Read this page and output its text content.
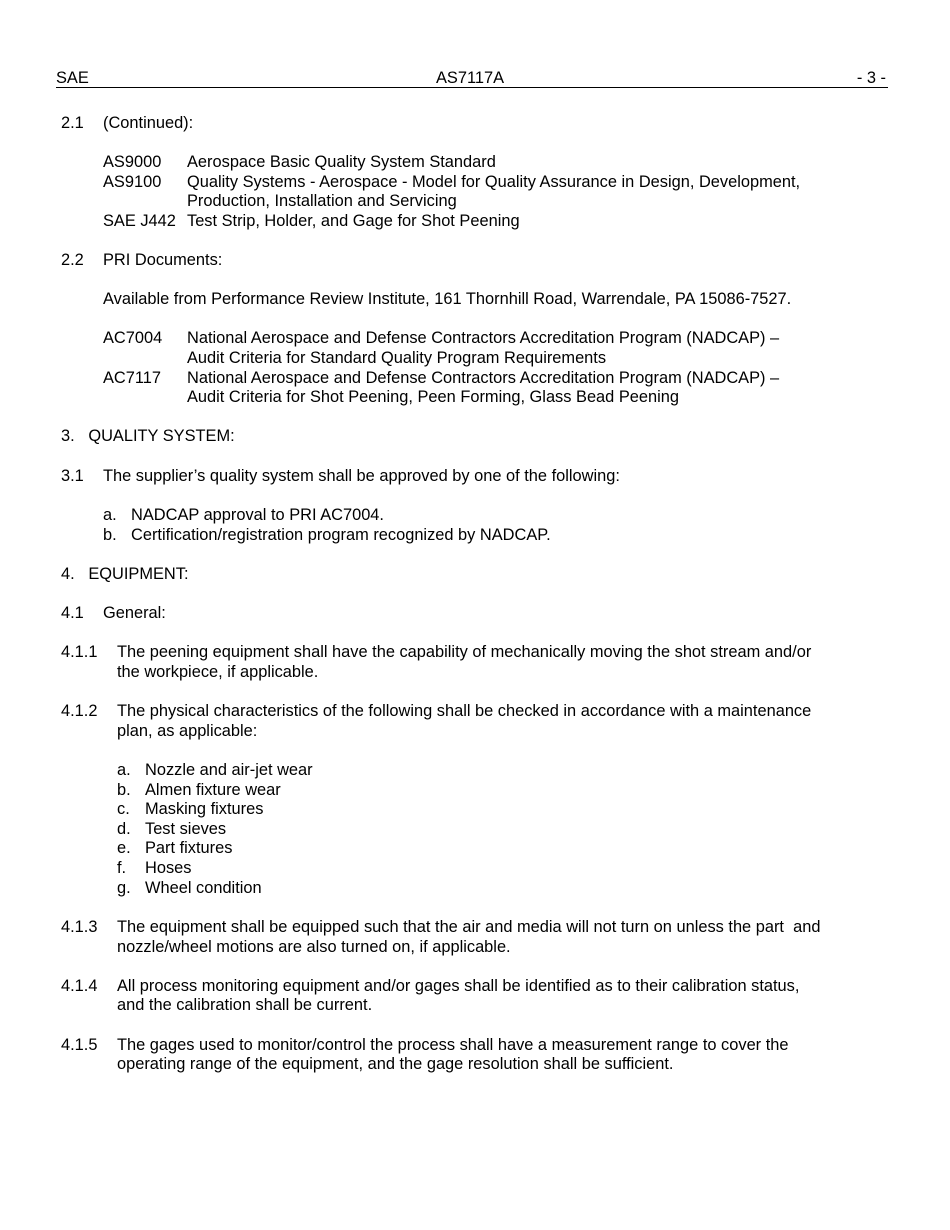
SAE	AS7117A	- 3 -
2.1 (Continued):
AS9000 Aerospace Basic Quality System Standard
AS9100 Quality Systems - Aerospace - Model for Quality Assurance in Design, Development,
Production, Installation and Servicing
SAE J442 Test Strip, Holder, and Gage for Shot Peening
2.2 PRI Documents:
Available from Performance Review Institute, 161 Thornhill Road, Warrendale, PA 15086-7527.
AC7004 National Aerospace and Defense Contractors Accreditation Program (NADCAP) –
Audit Criteria for Standard Quality Program Requirements
AC7117 National Aerospace and Defense Contractors Accreditation Program (NADCAP) –
Audit Criteria for Shot Peening, Peen Forming, Glass Bead Peening
3.   QUALITY SYSTEM:
3.1 The supplier’s quality system shall be approved by one of the following:
a. NADCAP approval to PRI AC7004.
b. Certification/registration program recognized by NADCAP.
4.   EQUIPMENT:
4.1 General:
4.1.1 The peening equipment shall have the capability of mechanically moving the shot stream and/or
the workpiece, if applicable.
4.1.2 The physical characteristics of the following shall be checked in accordance with a maintenance
plan, as applicable:
a. Nozzle and air-jet wear
b. Almen fixture wear
c. Masking fixtures
d. Test sieves
e. Part fixtures
f. Hoses
g. Wheel condition
4.1.3 The equipment shall be equipped such that the air and media will not turn on unless the part  and
nozzle/wheel motions are also turned on, if applicable.
4.1.4 All process monitoring equipment and/or gages shall be identified as to their calibration status,
and the calibration shall be current.
4.1.5 The gages used to monitor/control the process shall have a measurement range to cover the
operating range of the equipment, and the gage resolution shall be sufficient.
